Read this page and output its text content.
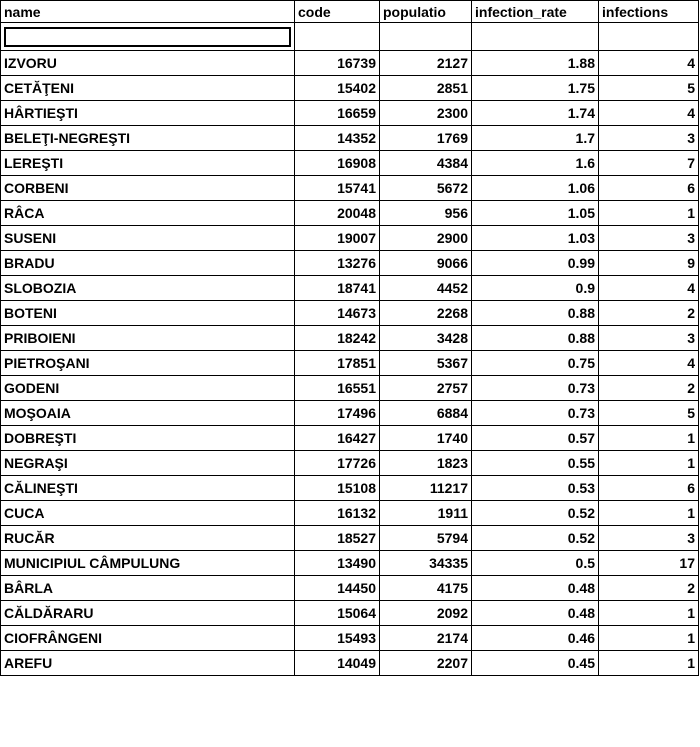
name	code	populatio	infection_rate	infections

IZVORU	16739	2127	1.88	4
CETĂŢENI	15402	2851	1.75	5
HÂRTIEŞTI	16659	2300	1.74	4
BELEŢI-NEGREŞTI	14352	1769	1.7	3
LEREŞTI	16908	4384	1.6	7
CORBENI	15741	5672	1.06	6
RÂCA	20048	956	1.05	1
SUSENI	19007	2900	1.03	3
BRADU	13276	9066	0.99	9
SLOBOZIA	18741	4452	0.9	4
BOTENI	14673	2268	0.88	2
PRIBOIENI	18242	3428	0.88	3
PIETROŞANI	17851	5367	0.75	4
GODENI	16551	2757	0.73	2
MOŞOAIA	17496	6884	0.73	5
DOBREŞTI	16427	1740	0.57	1
NEGRAŞI	17726	1823	0.55	1
CĂLINEŞTI	15108	11217	0.53	6
CUCA	16132	1911	0.52	1
RUCĂR	18527	5794	0.52	3
MUNICIPIUL CÂMPULUNG	13490	34335	0.5	17
BÂRLA	14450	4175	0.48	2
CĂLDĂRARU	15064	2092	0.48	1
CIOFRÂNGENI	15493	2174	0.46	1
AREFU	14049	2207	0.45	1
